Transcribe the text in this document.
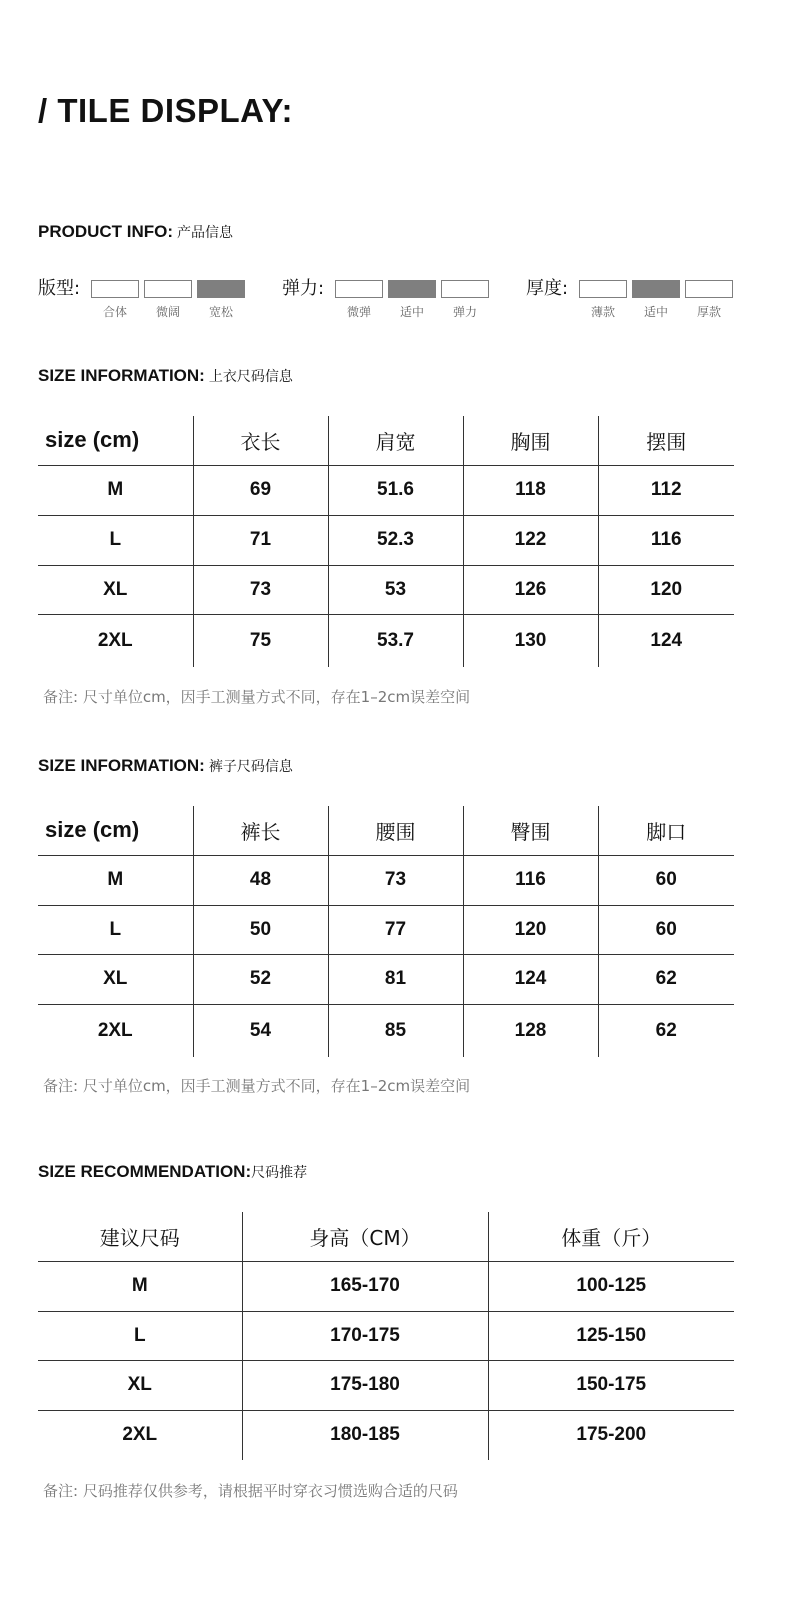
/ TILE DISPLAY:
PRODUCT INFO: 产品信息
版型:
合体	微阔	宽松
弹力:
微弹	适中	弹力
厚度:
薄款	适中	厚款
SIZE INFORMATION: 上衣尺码信息
size (cm)	衣长	肩宽	胸围	摆围
M	69	51.6	118	112
L	71	52.3	122	116
XL	73	53	126	120
2XL	75	53.7	130	124
备注: 尺寸单位cm，因手工测量方式不同，存在1–2cm误差空间
SIZE INFORMATION: 裤子尺码信息
size (cm)	裤长	腰围	臀围	脚口
M	48	73	116	60
L	50	77	120	60
XL	52	81	124	62
2XL	54	85	128	62
备注: 尺寸单位cm，因手工测量方式不同，存在1–2cm误差空间
SIZE RECOMMENDATION:尺码推荐
建议尺码	身高（CM）	体重（斤）
M	165-170	100-125
L	170-175	125-150
XL	175-180	150-175
2XL	180-185	175-200
备注: 尺码推荐仅供参考，请根据平时穿衣习惯选购合适的尺码
